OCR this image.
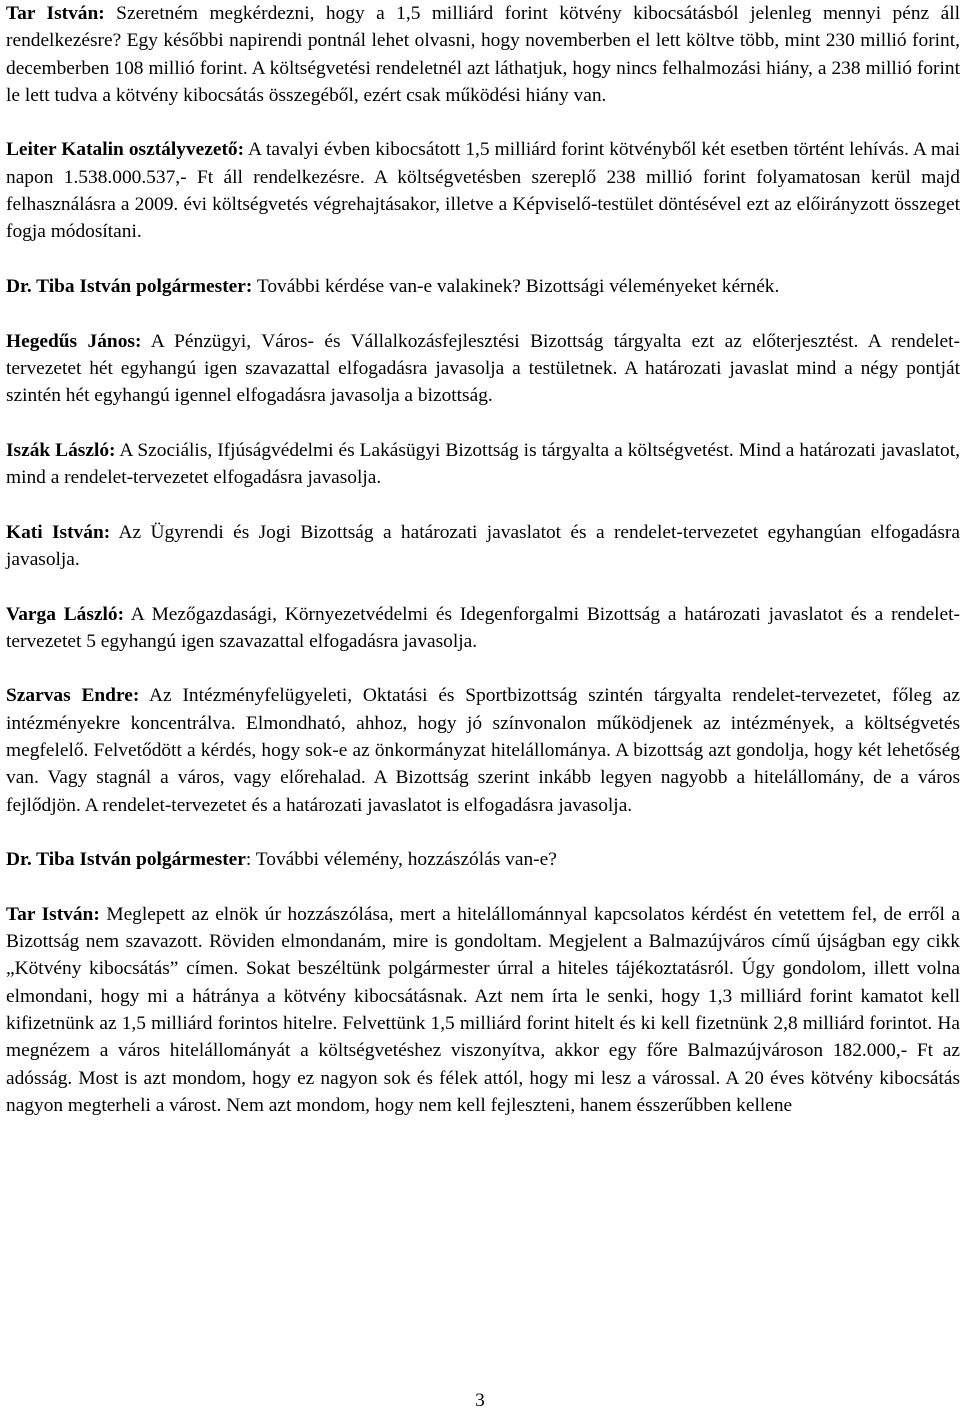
Tar István: Szeretném megkérdezni, hogy a 1,5 milliárd forint kötvény kibocsátásból jelenleg mennyi pénz áll rendelkezésre? Egy későbbi napirendi pontnál lehet olvasni, hogy novemberben el lett költve több, mint 230 millió forint, decemberben 108 millió forint. A költségvetési rendeletnél azt láthatjuk, hogy nincs felhalmozási hiány, a 238 millió forint le lett tudva a kötvény kibocsátás összegéből, ezért csak működési hiány van.

Leiter Katalin osztályvezető: A tavalyi évben kibocsátott 1,5 milliárd forint kötvényből két esetben történt lehívás. A mai napon 1.538.000.537,- Ft áll rendelkezésre. A költségvetésben szereplő 238 millió forint folyamatosan kerül majd felhasználásra a 2009. évi költségvetés végrehajtásakor, illetve a Képviselő-testület döntésével ezt az előirányzott összeget fogja módosítani.

Dr. Tiba István polgármester: További kérdése van-e valakinek? Bizottsági véleményeket kérnék.

Hegedűs János: A Pénzügyi, Város- és Vállalkozásfejlesztési Bizottság tárgyalta ezt az előterjesztést. A rendelet-tervezetet hét egyhangú igen szavazattal elfogadásra javasolja a testületnek. A határozati javaslat mind a négy pontját szintén hét egyhangú igennel elfogadásra javasolja a bizottság.

Iszák László: A Szociális, Ifjúságvédelmi és Lakásügyi Bizottság is tárgyalta a költségvetést. Mind a határozati javaslatot, mind a rendelet-tervezetet elfogadásra javasolja.

Kati István: Az Ügyrendi és Jogi Bizottság a határozati javaslatot és a rendelet-tervezetet egyhangúan elfogadásra javasolja.

Varga László: A Mezőgazdasági, Környezetvédelmi és Idegenforgalmi Bizottság a határozati javaslatot és a rendelet-tervezetet 5 egyhangú igen szavazattal elfogadásra javasolja.

Szarvas Endre: Az Intézményfelügyeleti, Oktatási és Sportbizottság szintén tárgyalta rendelet-tervezetet, főleg az intézményekre koncentrálva. Elmondható, ahhoz, hogy jó színvonalon működjenek az intézmények, a költségvetés megfelelő. Felvetődött a kérdés, hogy sok-e az önkormányzat hitelállománya. A bizottság azt gondolja, hogy két lehetőség van. Vagy stagnál a város, vagy előrehalad. A Bizottság szerint inkább legyen nagyobb a hitelállomány, de a város fejlődjön. A rendelet-tervezetet és a határozati javaslatot is elfogadásra javasolja.

Dr. Tiba István polgármester: További vélemény, hozzászólás van-e?

Tar István: Meglepett az elnök úr hozzászólása, mert a hitelállománnyal kapcsolatos kérdést én vetettem fel, de erről a Bizottság nem szavazott. Röviden elmondanám, mire is gondoltam. Megjelent a Balmazújváros című újságban egy cikk „Kötvény kibocsátás” címen. Sokat beszéltünk polgármester úrral a hiteles tájékoztatásról. Úgy gondolom, illett volna elmondani, hogy mi a hátránya a kötvény kibocsátásnak. Azt nem írta le senki, hogy 1,3 milliárd forint kamatot kell kifizetnünk az 1,5 milliárd forintos hitelre. Felvettünk 1,5 milliárd forint hitelt és ki kell fizetnünk 2,8 milliárd forintot. Ha megnézem a város hitelállományát a költségvetéshez viszonyítva, akkor egy főre Balmazújvároson 182.000,- Ft az adósság. Most is azt mondom, hogy ez nagyon sok és félek attól, hogy mi lesz a várossal. A 20 éves kötvény kibocsátás nagyon megterheli a várost. Nem azt mondom, hogy nem kell fejleszteni, hanem ésszerűbben kellene

3
